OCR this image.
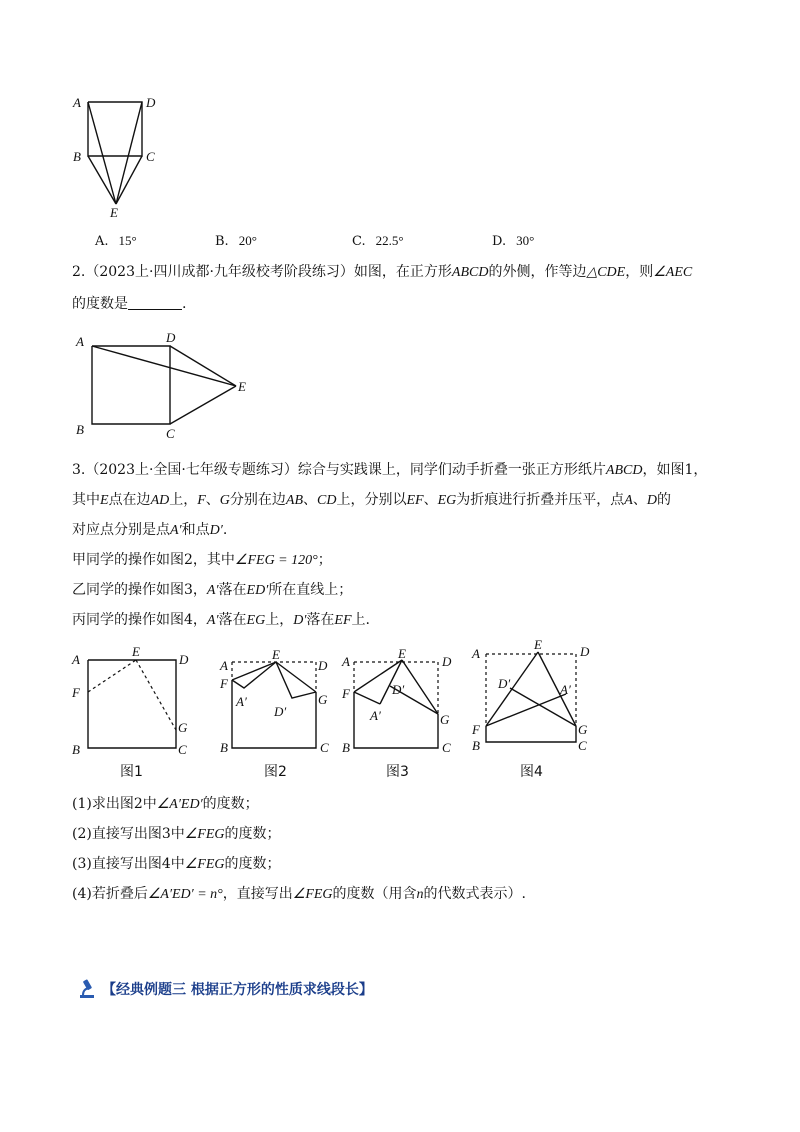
A	D
B	C
E
A. 15°	B. 20°	C. 22.5°	D. 30°
2.（2023上·四川成都·九年级校考阶段练习）如图，在正方形ABCD的外侧，作等边△CDE，则∠AEC
的度数是	.
A	D
B	C
E
3.（2023上·全国·七年级专题练习）综合与实践课上，同学们动手折叠一张正方形纸片ABCD，如图1，
其中E点在边AD上，F、G分别在边AB、CD上，分别以EF、EG为折痕进行折叠并压平，点A、D的
对应点分别是点A′和点D′.
甲同学的操作如图2，其中∠FEG = 120°；
乙同学的操作如图3，A′落在ED′所在直线上；
丙同学的操作如图4，A′落在EG上，D′落在EF上.
A
E
D
F
G
B	C
图1
A
E
D
F
A′
D′
G
B	C
图2
A
E
D
F	D′
A′	G
B	C
图3
A
E	D
D′	A′
F	G
B	C
图4
(1)求出图2中∠A′ED′的度数；
(2)直接写出图3中∠FEG的度数；
(3)直接写出图4中∠FEG的度数；
(4)若折叠后∠A′ED′ = n°，直接写出∠FEG的度数（用含n的代数式表示）.
【经典例题三 根据正方形的性质求线段长】
